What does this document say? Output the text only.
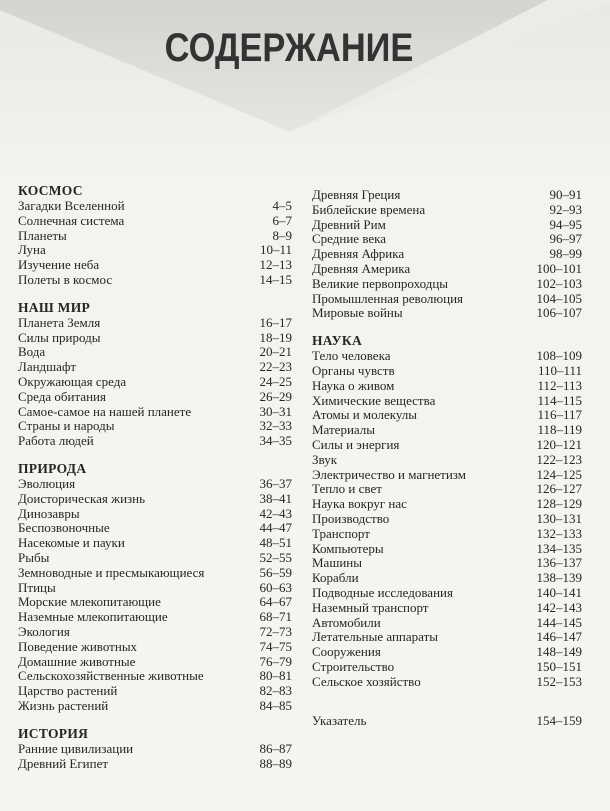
СОДЕРЖАНИЕ
КОСМОС
Загадки Вселенной	4–5
Солнечная система	6–7
Планеты	8–9
Луна	10–11
Изучение неба	12–13
Полеты в космос	14–15
НАШ МИР
Планета Земля	16–17
Силы природы	18–19
Вода	20–21
Ландшафт	22–23
Окружающая среда	24–25
Среда обитания	26–29
Самое-самое на нашей планете	30–31
Страны и народы	32–33
Работа людей	34–35
ПРИРОДА
Эволюция	36–37
Доисторическая жизнь	38–41
Динозавры	42–43
Беспозвоночные	44–47
Насекомые и пауки	48–51
Рыбы	52–55
Земноводные и пресмыкающиеся	56–59
Птицы	60–63
Морские млекопитающие	64–67
Наземные млекопитающие	68–71
Экология	72–73
Поведение животных	74–75
Домашние животные	76–79
Сельскохозяйственные животные	80–81
Царство растений	82–83
Жизнь растений	84–85
ИСТОРИЯ
Ранние цивилизации	86–87
Древний Египет	88–89
Древняя Греция	90–91
Библейские времена	92–93
Древний Рим	94–95
Средние века	96–97
Древняя Африка	98–99
Древняя Америка	100–101
Великие первопроходцы	102–103
Промышленная революция	104–105
Мировые войны	106–107
НАУКА
Тело человека	108–109
Органы чувств	110–111
Наука о живом	112–113
Химические вещества	114–115
Атомы и молекулы	116–117
Материалы	118–119
Силы и энергия	120–121
Звук	122–123
Электричество и магнетизм	124–125
Тепло и свет	126–127
Наука вокруг нас	128–129
Производство	130–131
Транспорт	132–133
Компьютеры	134–135
Машины	136–137
Корабли	138–139
Подводные исследования	140–141
Наземный транспорт	142–143
Автомобили	144–145
Летательные аппараты	146–147
Сооружения	148–149
Строительство	150–151
Сельское хозяйство	152–153
Указатель	154–159
